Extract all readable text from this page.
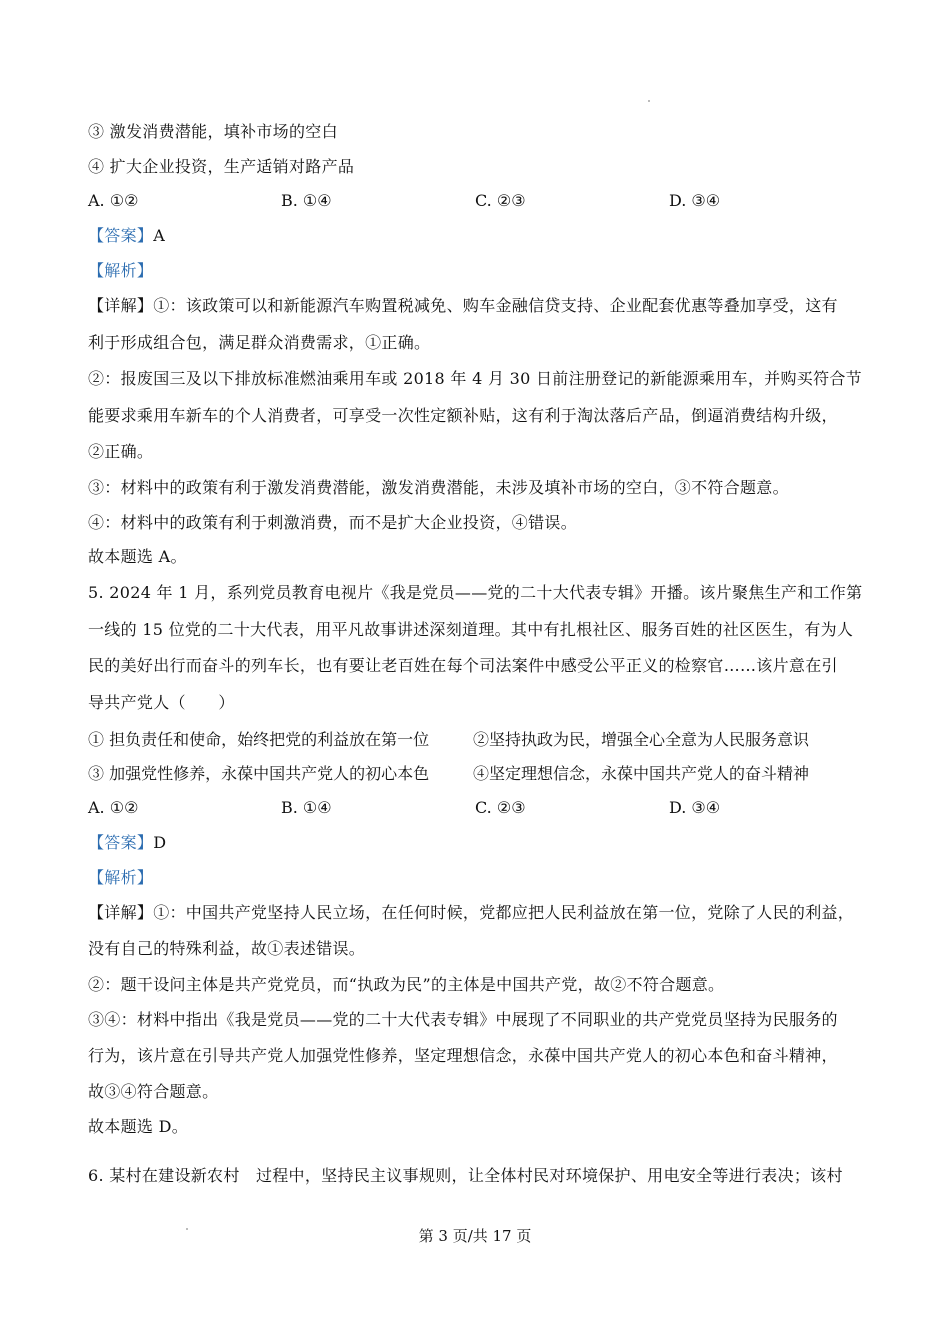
③ 激发消费潜能，填补市场的空白
④ 扩大企业投资，生产适销对路产品
A. ①②	B. ①④	C. ②③	D. ③④
【答案】A
【解析】
【详解】①：该政策可以和新能源汽车购置税减免、购车金融信贷支持、企业配套优惠等叠加享受，这有
利于形成组合包，满足群众消费需求，①正确。
②：报废国三及以下排放标准燃油乘用车或 2018 年 4 月 30 日前注册登记的新能源乘用车，并购买符合节
能要求乘用车新车的个人消费者，可享受一次性定额补贴，这有利于淘汰落后产品，倒逼消费结构升级，
②正确。
③：材料中的政策有利于激发消费潜能，激发消费潜能，未涉及填补市场的空白，③不符合题意。
④：材料中的政策有利于刺激消费，而不是扩大企业投资，④错误。
故本题选 A。
5. 2024 年 1 月，系列党员教育电视片《我是党员——党的二十大代表专辑》开播。该片聚焦生产和工作第
一线的 15 位党的二十大代表，用平凡故事讲述深刻道理。其中有扎根社区、服务百姓的社区医生，有为人
民的美好出行而奋斗的列车长，也有要让老百姓在每个司法案件中感受公平正义的检察官……该片意在引
导共产党人（　　）
① 担负责任和使命，始终把党的利益放在第一位	②坚持执政为民，增强全心全意为人民服务意识
③ 加强党性修养，永葆中国共产党人的初心本色	④坚定理想信念，永葆中国共产党人的奋斗精神
A. ①②	B. ①④	C. ②③	D. ③④
【答案】D
【解析】
【详解】①：中国共产党坚持人民立场，在任何时候，党都应把人民利益放在第一位，党除了人民的利益，
没有自己的特殊利益，故①表述错误。
②：题干设问主体是共产党党员，而“执政为民”的主体是中国共产党，故②不符合题意。
③④：材料中指出《我是党员——党的二十大代表专辑》中展现了不同职业的共产党党员坚持为民服务的
行为，该片意在引导共产党人加强党性修养，坚定理想信念，永葆中国共产党人的初心本色和奋斗精神，
故③④符合题意。
故本题选 D。
6. 某村在建设新农村　过程中，坚持民主议事规则，让全体村民对环境保护、用电安全等进行表决；该村
第 3 页/共 17 页
